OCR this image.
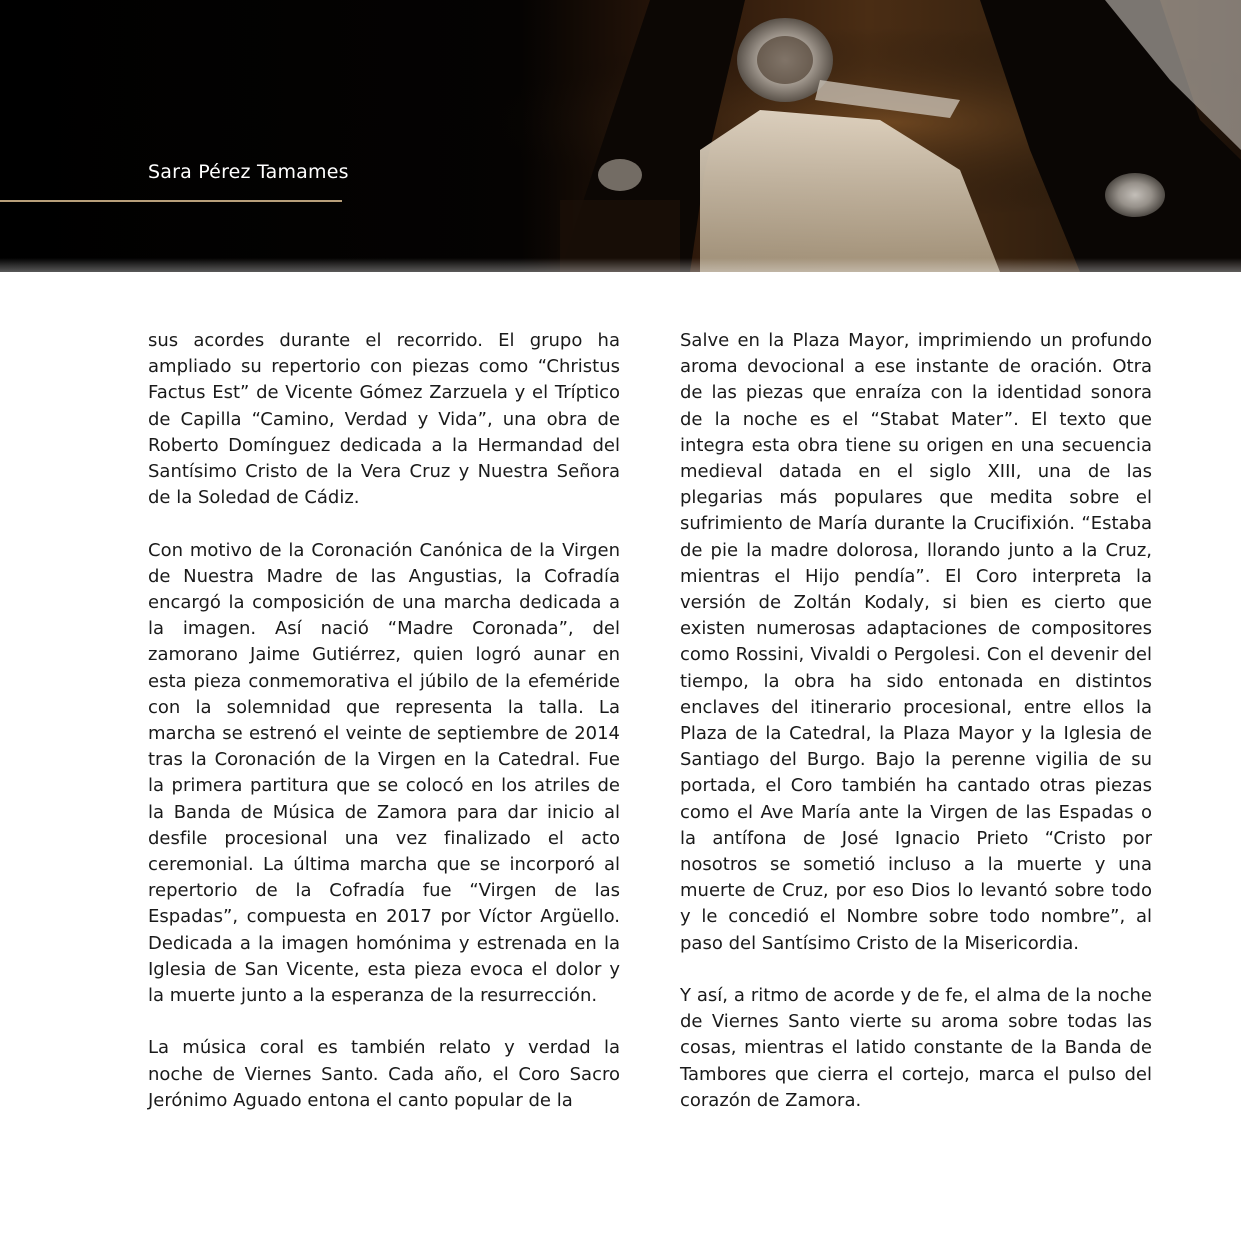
Sara Pérez Tamames

sus acordes durante el recorrido. El grupo ha ampliado su repertorio con piezas como “Christus Factus Est” de Vicente Gómez Zarzuela y el Tríptico de Capilla “Camino, Verdad y Vida”, una obra de Roberto Domínguez dedicada a la Hermandad del Santísimo Cristo de la Vera Cruz y Nuestra Señora de la Soledad de Cádiz.

Con motivo de la Coronación Canónica de la Virgen de Nuestra Madre de las Angustias, la Cofradía encargó la composición de una marcha dedicada a la imagen. Así nació “Madre Coronada”, del zamorano Jaime Gutiérrez, quien logró aunar en esta pieza conmemorativa el júbilo de la efeméride con la solemnidad que representa la talla. La marcha se estrenó el veinte de septiembre de 2014 tras la Coronación de la Virgen en la Catedral. Fue la primera partitura que se colocó en los atriles de la Banda de Música de Zamora para dar inicio al desfile procesional una vez finalizado el acto ceremonial. La última marcha que se incorporó al repertorio de la Cofradía fue “Virgen de las Espadas”, compuesta en 2017 por Víctor Argüello. Dedicada a la imagen homónima y estrenada en la Iglesia de San Vicente, esta pieza evoca el dolor y la muerte junto a la esperanza de la resurrección.

La música coral es también relato y verdad la noche de Viernes Santo. Cada año, el Coro Sacro Jerónimo Aguado entona el canto popular de la

Salve en la Plaza Mayor, imprimiendo un profundo aroma devocional a ese instante de oración. Otra de las piezas que enraíza con la identidad sonora de la noche es el “Stabat Mater”. El texto que integra esta obra tiene su origen en una secuencia medieval datada en el siglo XIII, una de las plegarias más populares que medita sobre el sufrimiento de María durante la Crucifixión. “Estaba de pie la madre dolorosa, llorando junto a la Cruz, mientras el Hijo pendía”. El Coro interpreta la versión de Zoltán Kodaly, si bien es cierto que existen numerosas adaptaciones de compositores como Rossini, Vivaldi o Pergolesi. Con el devenir del tiempo, la obra ha sido entonada en distintos enclaves del itinerario procesional, entre ellos la Plaza de la Catedral, la Plaza Mayor y la Iglesia de Santiago del Burgo. Bajo la perenne vigilia de su portada, el Coro también ha cantado otras piezas como el Ave María ante la Virgen de las Espadas o la antífona de José Ignacio Prieto “Cristo por nosotros se sometió incluso a la muerte y una muerte de Cruz, por eso Dios lo levantó sobre todo y le concedió el Nombre sobre todo nombre”, al paso del Santísimo Cristo de la Misericordia.

Y así, a ritmo de acorde y de fe, el alma de la noche de Viernes Santo vierte su aroma sobre todas las cosas, mientras el latido constante de la Banda de Tambores que cierra el cortejo, marca el pulso del corazón de Zamora.
